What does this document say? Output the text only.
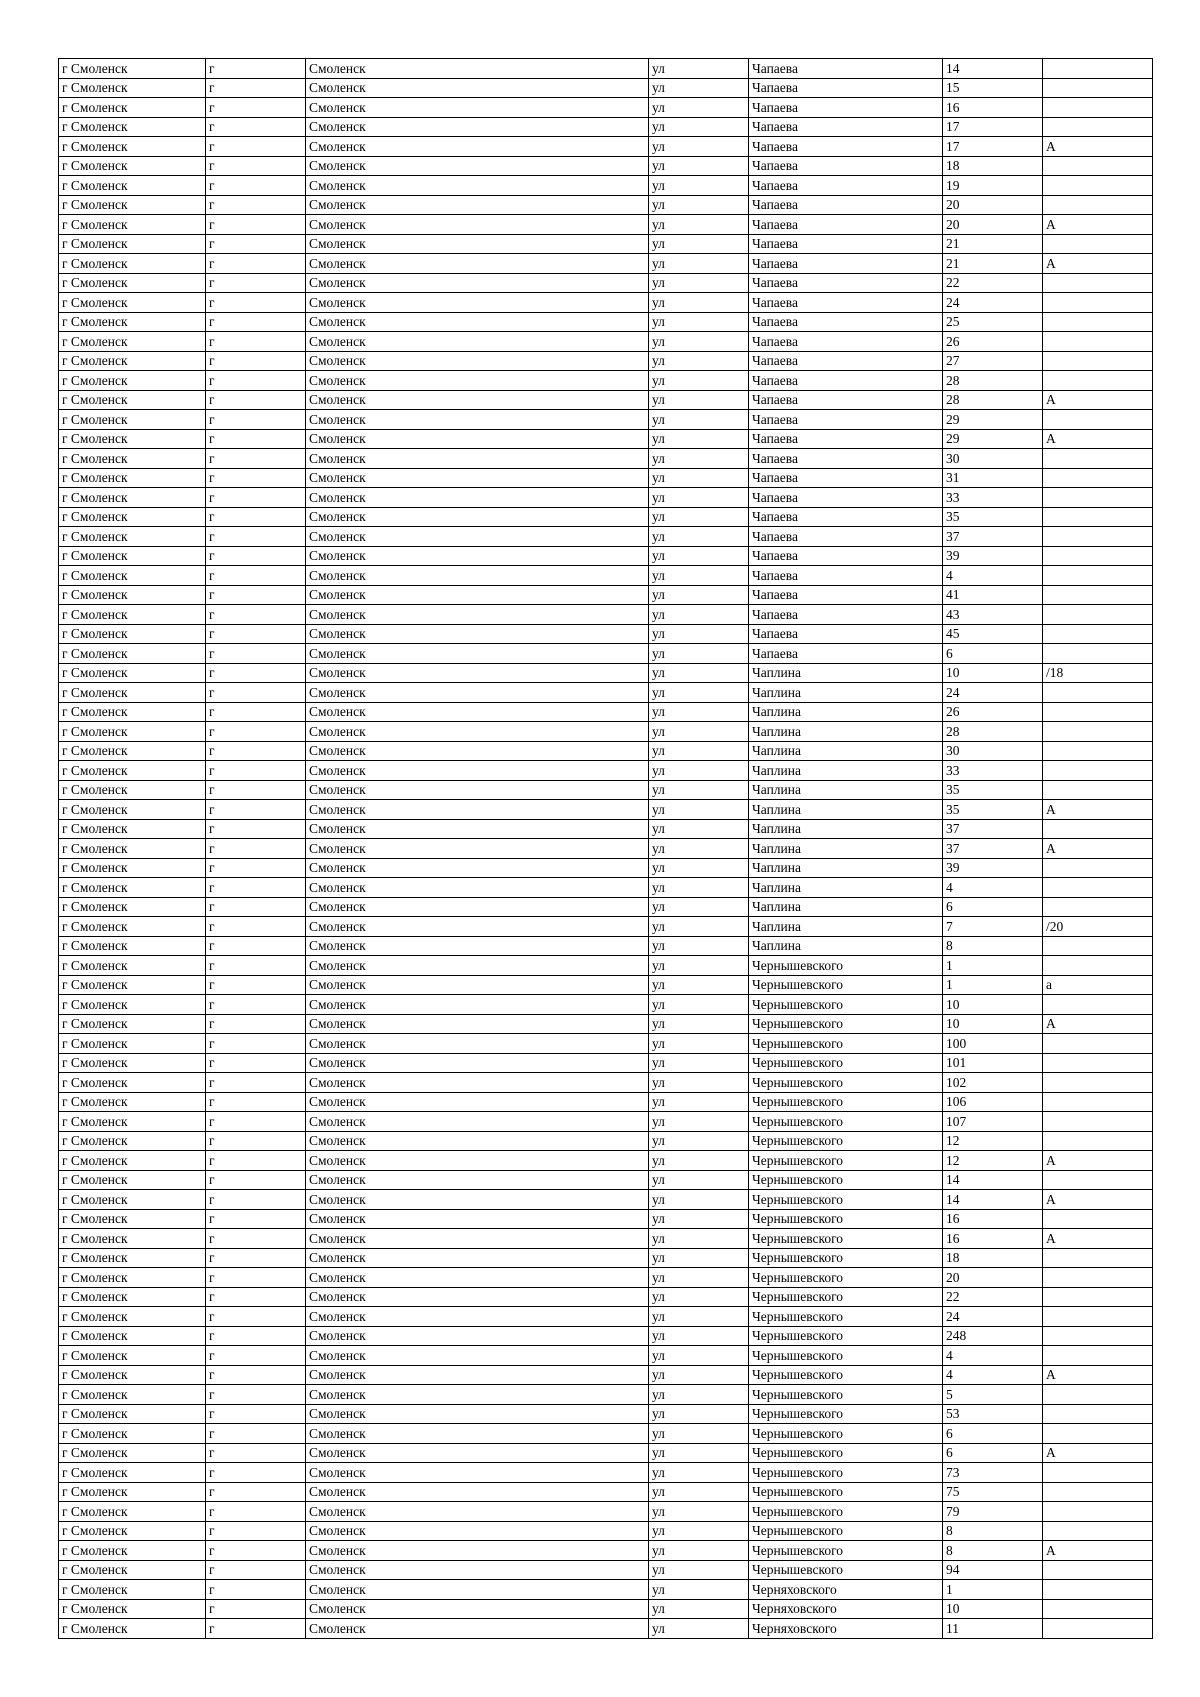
г Смоленск	г	Смоленск	ул	Чапаева	14	
г Смоленск	г	Смоленск	ул	Чапаева	15	
г Смоленск	г	Смоленск	ул	Чапаева	16	
г Смоленск	г	Смоленск	ул	Чапаева	17	
г Смоленск	г	Смоленск	ул	Чапаева	17	А
г Смоленск	г	Смоленск	ул	Чапаева	18	
г Смоленск	г	Смоленск	ул	Чапаева	19	
г Смоленск	г	Смоленск	ул	Чапаева	20	
г Смоленск	г	Смоленск	ул	Чапаева	20	А
г Смоленск	г	Смоленск	ул	Чапаева	21	
г Смоленск	г	Смоленск	ул	Чапаева	21	А
г Смоленск	г	Смоленск	ул	Чапаева	22	
г Смоленск	г	Смоленск	ул	Чапаева	24	
г Смоленск	г	Смоленск	ул	Чапаева	25	
г Смоленск	г	Смоленск	ул	Чапаева	26	
г Смоленск	г	Смоленск	ул	Чапаева	27	
г Смоленск	г	Смоленск	ул	Чапаева	28	
г Смоленск	г	Смоленск	ул	Чапаева	28	А
г Смоленск	г	Смоленск	ул	Чапаева	29	
г Смоленск	г	Смоленск	ул	Чапаева	29	А
г Смоленск	г	Смоленск	ул	Чапаева	30	
г Смоленск	г	Смоленск	ул	Чапаева	31	
г Смоленск	г	Смоленск	ул	Чапаева	33	
г Смоленск	г	Смоленск	ул	Чапаева	35	
г Смоленск	г	Смоленск	ул	Чапаева	37	
г Смоленск	г	Смоленск	ул	Чапаева	39	
г Смоленск	г	Смоленск	ул	Чапаева	4	
г Смоленск	г	Смоленск	ул	Чапаева	41	
г Смоленск	г	Смоленск	ул	Чапаева	43	
г Смоленск	г	Смоленск	ул	Чапаева	45	
г Смоленск	г	Смоленск	ул	Чапаева	6	
г Смоленск	г	Смоленск	ул	Чаплина	10	/18
г Смоленск	г	Смоленск	ул	Чаплина	24	
г Смоленск	г	Смоленск	ул	Чаплина	26	
г Смоленск	г	Смоленск	ул	Чаплина	28	
г Смоленск	г	Смоленск	ул	Чаплина	30	
г Смоленск	г	Смоленск	ул	Чаплина	33	
г Смоленск	г	Смоленск	ул	Чаплина	35	
г Смоленск	г	Смоленск	ул	Чаплина	35	А
г Смоленск	г	Смоленск	ул	Чаплина	37	
г Смоленск	г	Смоленск	ул	Чаплина	37	А
г Смоленск	г	Смоленск	ул	Чаплина	39	
г Смоленск	г	Смоленск	ул	Чаплина	4	
г Смоленск	г	Смоленск	ул	Чаплина	6	
г Смоленск	г	Смоленск	ул	Чаплина	7	/20
г Смоленск	г	Смоленск	ул	Чаплина	8	
г Смоленск	г	Смоленск	ул	Чернышевского	1	
г Смоленск	г	Смоленск	ул	Чернышевского	1	а
г Смоленск	г	Смоленск	ул	Чернышевского	10	
г Смоленск	г	Смоленск	ул	Чернышевского	10	А
г Смоленск	г	Смоленск	ул	Чернышевского	100	
г Смоленск	г	Смоленск	ул	Чернышевского	101	
г Смоленск	г	Смоленск	ул	Чернышевского	102	
г Смоленск	г	Смоленск	ул	Чернышевского	106	
г Смоленск	г	Смоленск	ул	Чернышевского	107	
г Смоленск	г	Смоленск	ул	Чернышевского	12	
г Смоленск	г	Смоленск	ул	Чернышевского	12	А
г Смоленск	г	Смоленск	ул	Чернышевского	14	
г Смоленск	г	Смоленск	ул	Чернышевского	14	А
г Смоленск	г	Смоленск	ул	Чернышевского	16	
г Смоленск	г	Смоленск	ул	Чернышевского	16	А
г Смоленск	г	Смоленск	ул	Чернышевского	18	
г Смоленск	г	Смоленск	ул	Чернышевского	20	
г Смоленск	г	Смоленск	ул	Чернышевского	22	
г Смоленск	г	Смоленск	ул	Чернышевского	24	
г Смоленск	г	Смоленск	ул	Чернышевского	248	
г Смоленск	г	Смоленск	ул	Чернышевского	4	
г Смоленск	г	Смоленск	ул	Чернышевского	4	А
г Смоленск	г	Смоленск	ул	Чернышевского	5	
г Смоленск	г	Смоленск	ул	Чернышевского	53	
г Смоленск	г	Смоленск	ул	Чернышевского	6	
г Смоленск	г	Смоленск	ул	Чернышевского	6	А
г Смоленск	г	Смоленск	ул	Чернышевского	73	
г Смоленск	г	Смоленск	ул	Чернышевского	75	
г Смоленск	г	Смоленск	ул	Чернышевского	79	
г Смоленск	г	Смоленск	ул	Чернышевского	8	
г Смоленск	г	Смоленск	ул	Чернышевского	8	А
г Смоленск	г	Смоленск	ул	Чернышевского	94	
г Смоленск	г	Смоленск	ул	Черняховского	1	
г Смоленск	г	Смоленск	ул	Черняховского	10	
г Смоленск	г	Смоленск	ул	Черняховского	11	
